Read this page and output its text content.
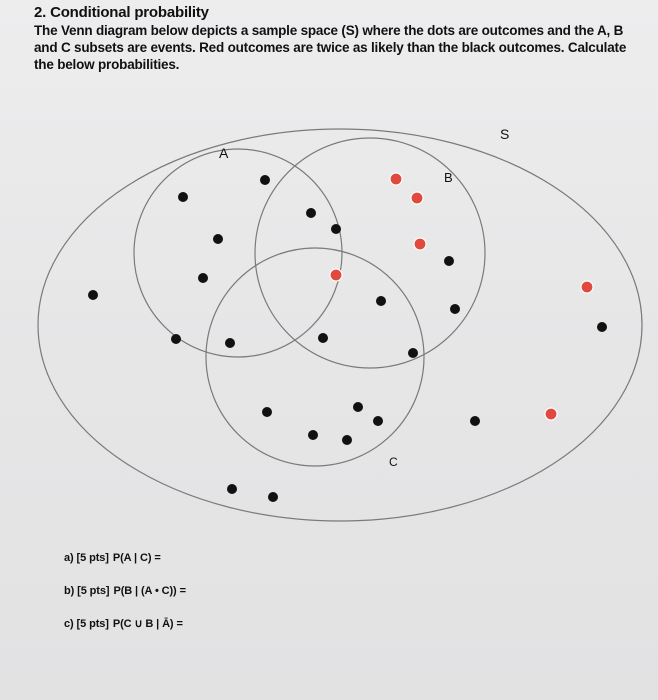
2. Conditional probability
The Venn diagram below depicts a sample space (S) where the dots are outcomes and the A, B and C subsets are events. Red outcomes are twice as likely than the black outcomes. Calculate the below probabilities.
S
A
B
C
a) [5 pts] P(A | C) =
b) [5 pts] P(B | (A • C)) =
c) [5 pts] P(C ∪ B | Ā) =
